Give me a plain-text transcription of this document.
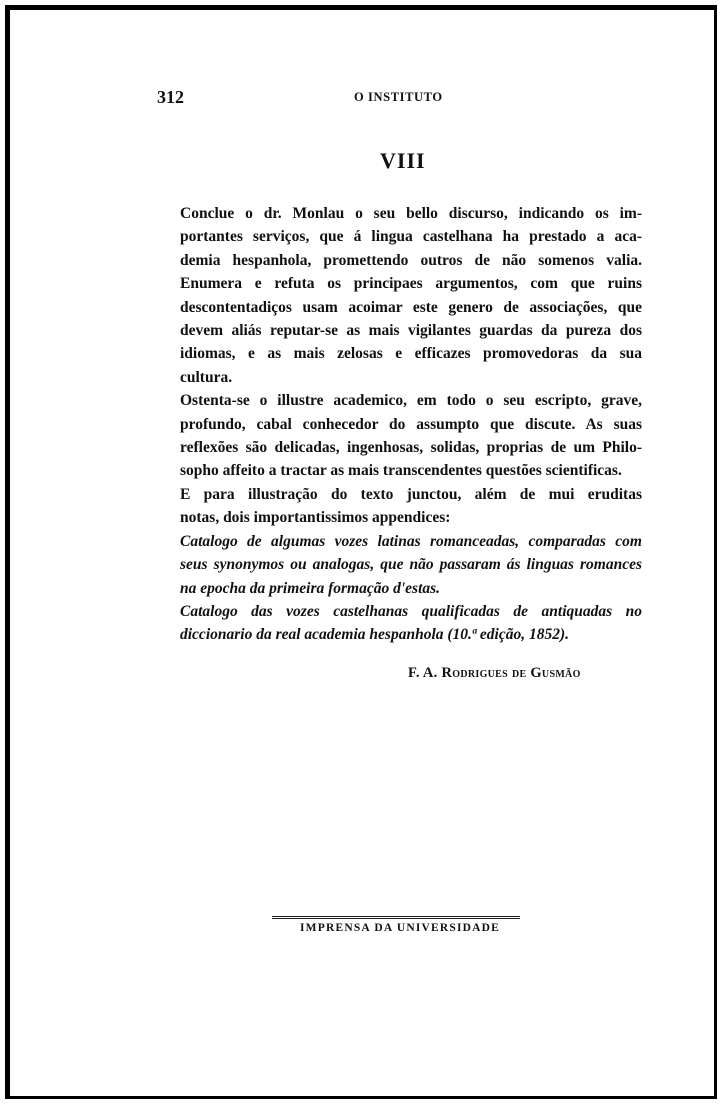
312	O INSTITUTO
VIII

Conclue o dr. Monlau o seu bello discurso, indicando os im-
portantes serviços, que á lingua castelhana ha prestado a aca-
demia hespanhola, promettendo outros de não somenos valia.
Enumera e refuta os principaes argumentos, com que ruins
descontentadiços usam acoimar este genero de associações, que
devem aliás reputar-se as mais vigilantes guardas da pureza dos
idiomas, e as mais zelosas e efficazes promovedoras da sua
cultura.

Ostenta-se o illustre academico, em todo o seu escripto, grave,
profundo, cabal conhecedor do assumpto que discute. As suas
reflexões são delicadas, ingenhosas, solidas, proprias de um Philo-
sopho affeito a tractar as mais transcendentes questões scientificas.

E para illustração do texto junctou, além de mui eruditas
notas, dois importantissimos appendices:

Catalogo de algumas vozes latinas romanceadas, comparadas com
seus synonymos ou analogas, que não passaram ás linguas romances
na epocha da primeira formação d'estas.

Catalogo das vozes castelhanas qualificadas de antiquadas no
diccionario da real academia hespanhola (10.ª edição, 1852).

F. A. Rodrigues de Gusmão
IMPRENSA DA UNIVERSIDADE
